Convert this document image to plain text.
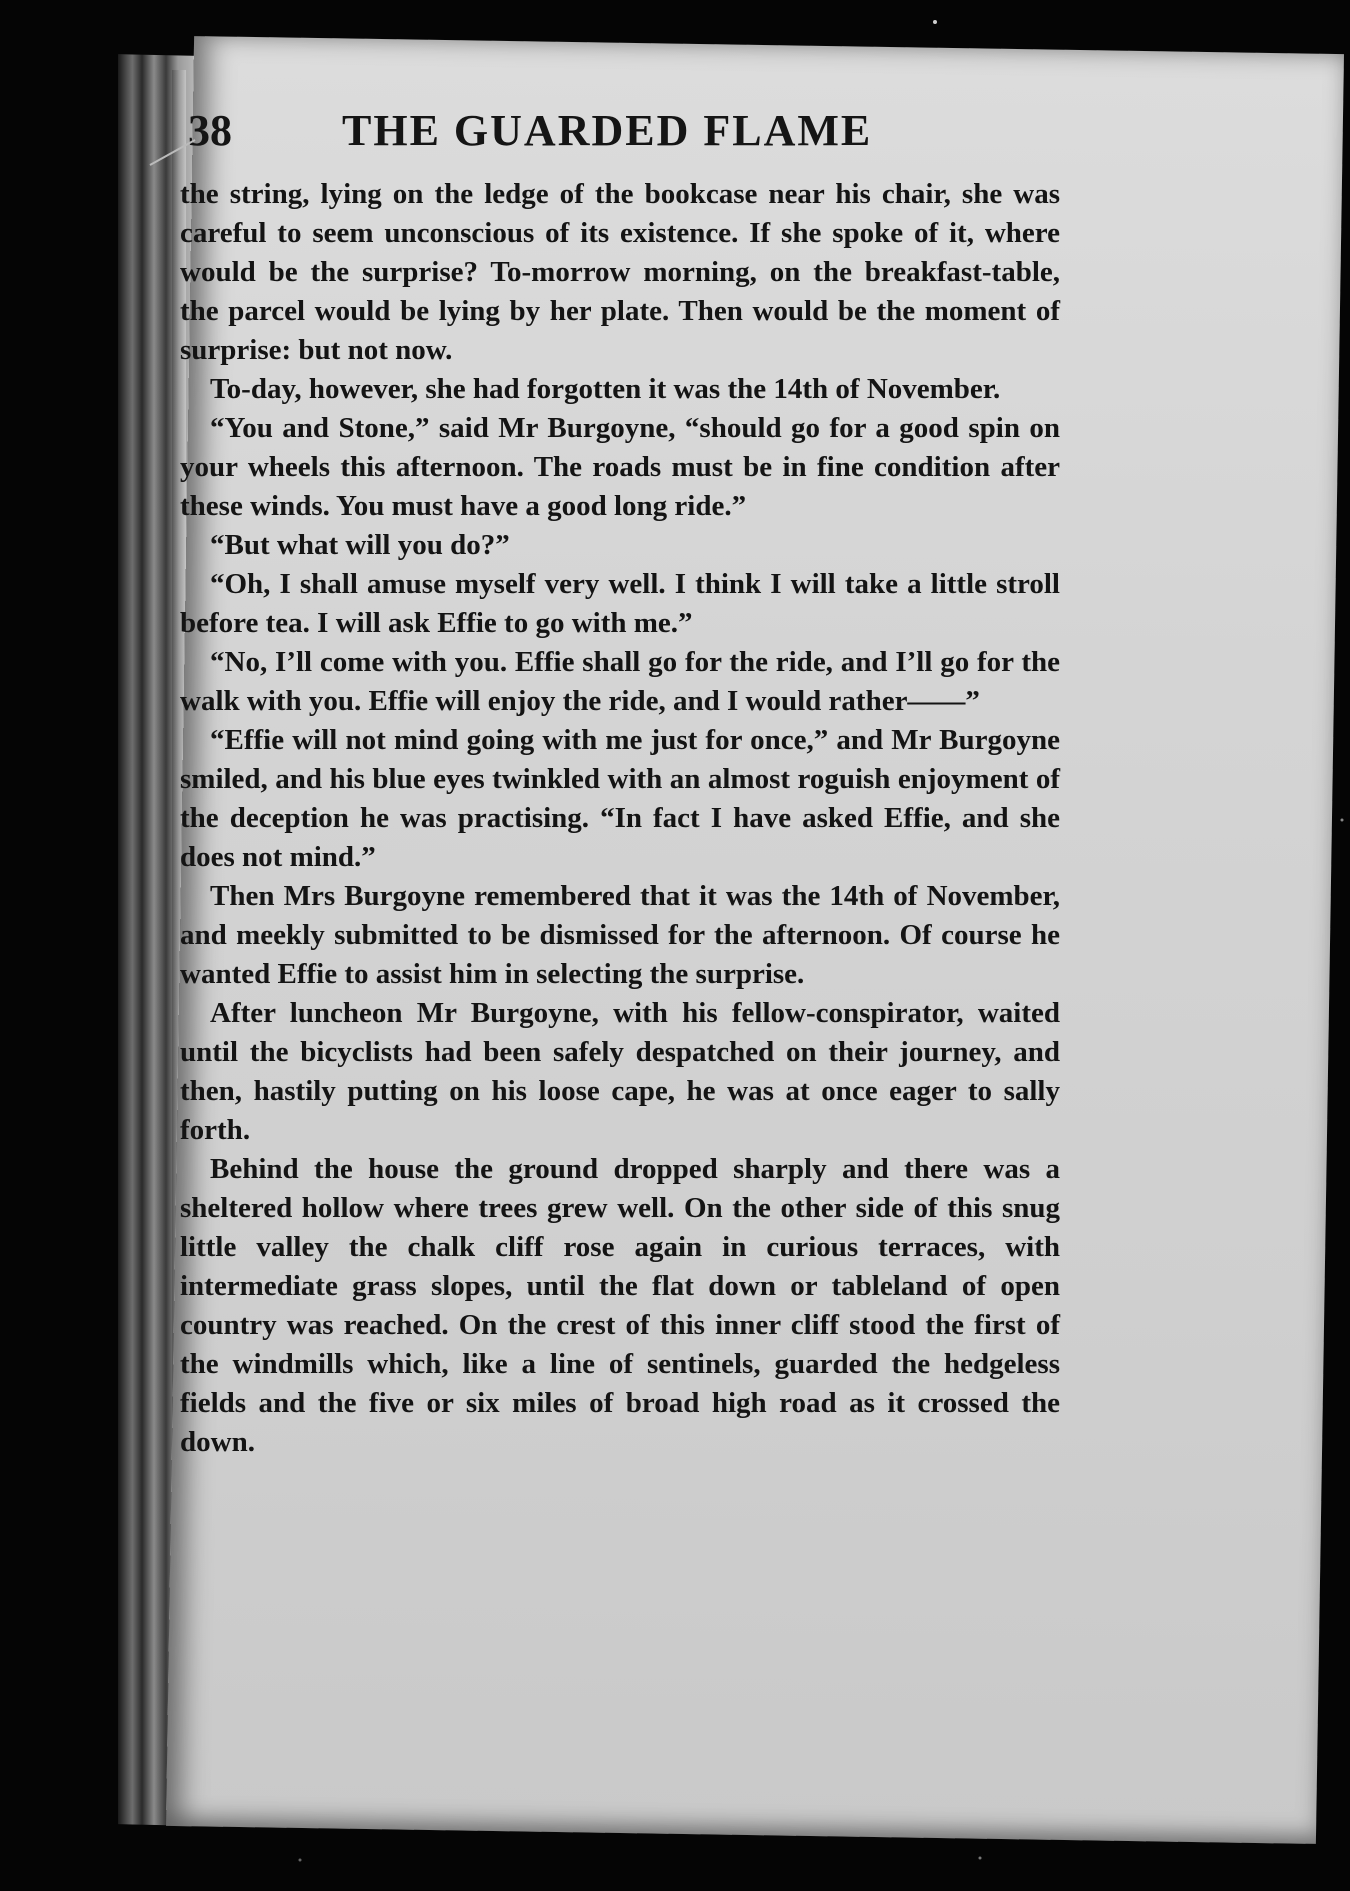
38	THE GUARDED FLAME

the string, lying on the ledge of the bookcase near his chair, she was careful to seem unconscious of its existence. If she spoke of it, where would be the surprise? To-morrow morning, on the breakfast-table, the parcel would be lying by her plate. Then would be the moment of surprise: but not now.

To-day, however, she had forgotten it was the 14th of November.

“You and Stone,” said Mr Burgoyne, “should go for a good spin on your wheels this afternoon. The roads must be in fine condition after these winds. You must have a good long ride.”

“But what will you do?”

“Oh, I shall amuse myself very well. I think I will take a little stroll before tea. I will ask Effie to go with me.”

“No, I’ll come with you. Effie shall go for the ride, and I’ll go for the walk with you. Effie will enjoy the ride, and I would rather——”

“Effie will not mind going with me just for once,” and Mr Burgoyne smiled, and his blue eyes twinkled with an almost roguish enjoyment of the deception he was practising. “In fact I have asked Effie, and she does not mind.”

Then Mrs Burgoyne remembered that it was the 14th of November, and meekly submitted to be dismissed for the afternoon. Of course he wanted Effie to assist him in selecting the surprise.

After luncheon Mr Burgoyne, with his fellow-conspirator, waited until the bicyclists had been safely despatched on their journey, and then, hastily putting on his loose cape, he was at once eager to sally forth.

Behind the house the ground dropped sharply and there was a sheltered hollow where trees grew well. On the other side of this snug little valley the chalk cliff rose again in curious terraces, with intermediate grass slopes, until the flat down or tableland of open country was reached. On the crest of this inner cliff stood the first of the windmills which, like a line of sentinels, guarded the hedgeless fields and the five or six miles of broad high road as it crossed the down.
